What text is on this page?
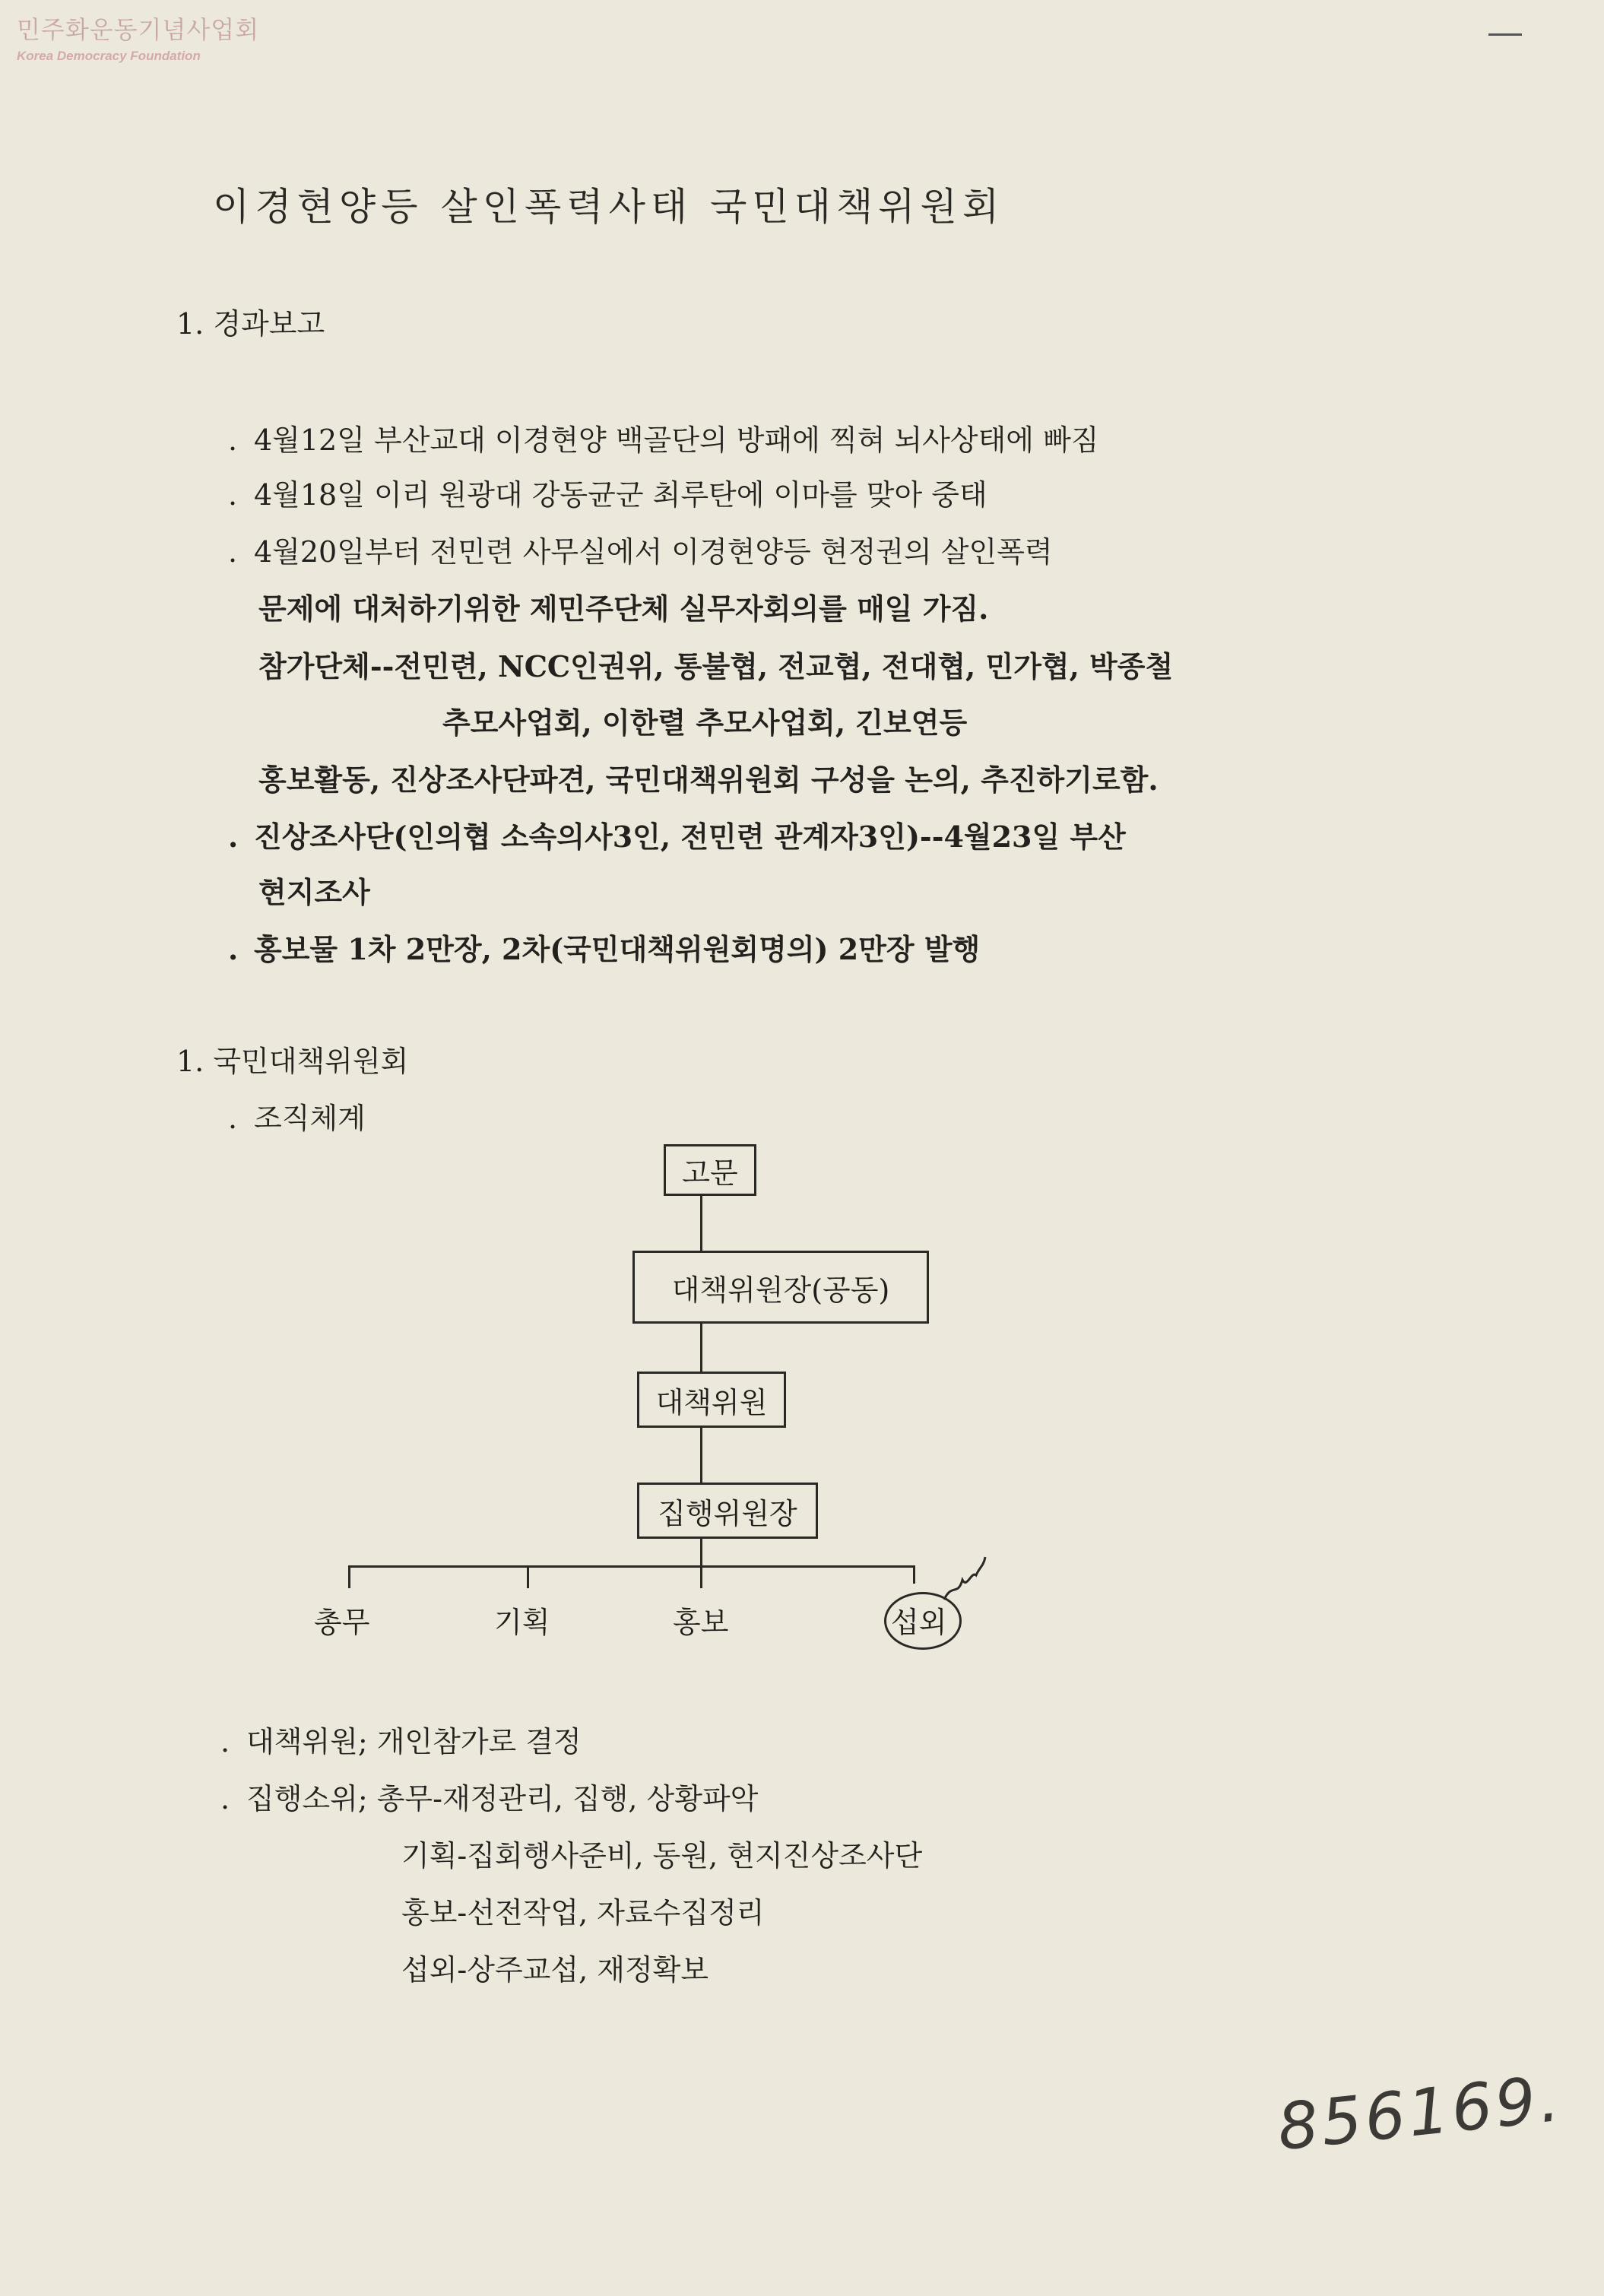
민주화운동기념사업회
Korea Democracy Foundation
이경현양등 살인폭력사태 국민대책위원회
1. 경과보고
. 4월12일 부산교대 이경현양 백골단의 방패에 찍혀 뇌사상태에 빠짐
. 4월18일 이리 원광대 강동균군 최루탄에 이마를 맞아 중태
. 4월20일부터 전민련 사무실에서 이경현양등 현정권의 살인폭력
문제에 대처하기위한 제민주단체 실무자회의를 매일 가짐.
참가단체--전민련, NCC인권위, 통불협, 전교협, 전대협, 민가협, 박종철
추모사업회, 이한렬 추모사업회, 긴보연등
홍보활동, 진상조사단파견, 국민대책위원회 구성을 논의, 추진하기로함.
. 진상조사단(인의협 소속의사3인, 전민련 관계자3인)--4월23일 부산
현지조사
. 홍보물 1차 2만장, 2차(국민대책위원회명의) 2만장 발행
1. 국민대책위원회
. 조직체계
고문
대책위원장(공동)
대책위원
집행위원장
총무	기획	홍보	섭외
. 대책위원; 개인참가로 결정
. 집행소위; 총무-재정관리, 집행, 상황파악
기획-집회행사준비, 동원, 현지진상조사단
홍보-선전작업, 자료수집정리
섭외-상주교섭, 재정확보
856169.
